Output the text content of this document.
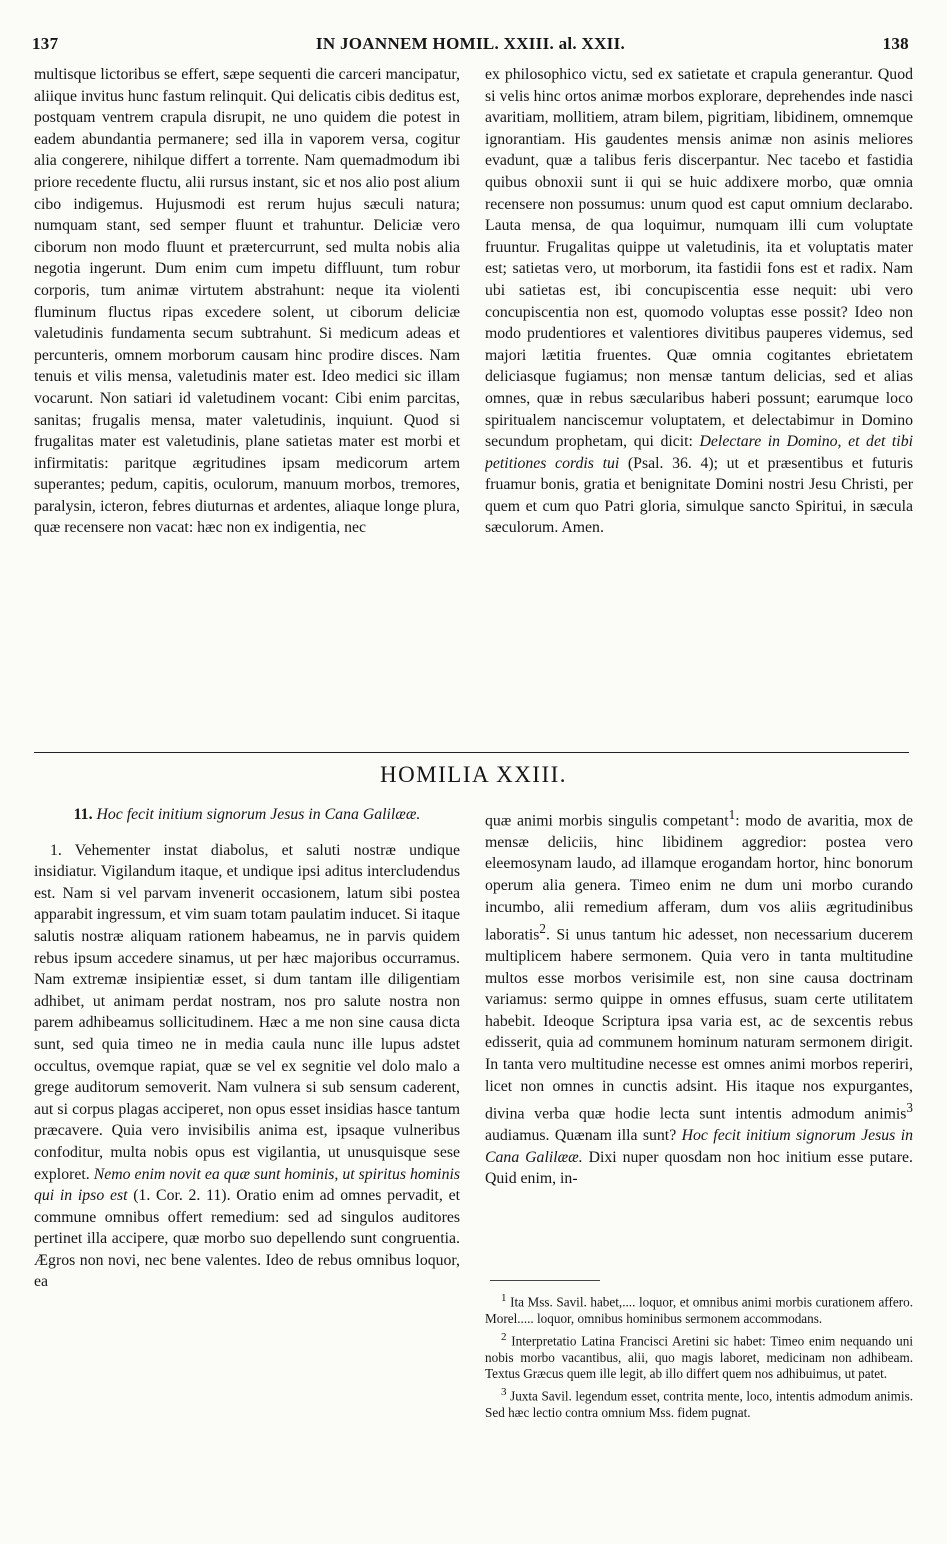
137	IN JOANNEM HOMIL. XXIII. al. XXII.	138

multisque lictoribus se effert, sæpe sequenti die carceri mancipatur, aliique invitus hunc fastum relinquit. Qui delicatis cibis deditus est, postquam ventrem crapula disrupit, ne uno quidem die potest in eadem abundantia permanere; sed illa in vaporem versa, cogitur alia congerere, nihilque differt a torrente. Nam quemadmodum ibi priore recedente fluctu, alii rursus instant, sic et nos alio post alium cibo indigemus. Hujusmodi est rerum hujus sæculi natura; numquam stant, sed semper fluunt et trahuntur. Deliciæ vero ciborum non modo fluunt et prætercurrunt, sed multa nobis alia negotia ingerunt. Dum enim cum impetu diffluunt, tum robur corporis, tum animæ virtutem abstrahunt: neque ita violenti fluminum fluctus ripas excedere solent, ut ciborum deliciæ valetudinis fundamenta secum subtrahunt. Si medicum adeas et percunteris, omnem morborum causam hinc prodire disces. Nam tenuis et vilis mensa, valetudinis mater est. Ideo medici sic illam vocarunt. Non satiari id valetudinem vocant: Cibi enim parcitas, sanitas; frugalis mensa, mater valetudinis, inquiunt. Quod si frugalitas mater est valetudinis, plane satietas mater est morbi et infirmitatis: paritque ægritudines ipsam medicorum artem superantes; pedum, capitis, oculorum, manuum morbos, tremores, paralysin, icteron, febres diuturnas et ardentes, aliaque longe plura, quæ recensere non vacat: hæc non ex indigentia, nec

ex philosophico victu, sed ex satietate et crapula generantur. Quod si velis hinc ortos animæ morbos explorare, deprehendes inde nasci avaritiam, mollitiem, atram bilem, pigritiam, libidinem, omnemque ignorantiam. His gaudentes mensis animæ non asinis meliores evadunt, quæ a talibus feris discerpantur. Nec tacebo et fastidia quibus obnoxii sunt ii qui se huic addixere morbo, quæ omnia recensere non possumus: unum quod est caput omnium declarabo. Lauta mensa, de qua loquimur, numquam illi cum voluptate fruuntur. Frugalitas quippe ut valetudinis, ita et voluptatis mater est; satietas vero, ut morborum, ita fastidii fons est et radix. Nam ubi satietas est, ibi concupiscentia esse nequit: ubi vero concupiscentia non est, quomodo voluptas esse possit? Ideo non modo prudentiores et valentiores divitibus pauperes videmus, sed majori lætitia fruentes. Quæ omnia cogitantes ebrietatem deliciasque fugiamus; non mensæ tantum delicias, sed et alias omnes, quæ in rebus sæcularibus haberi possunt; earumque loco spiritualem nanciscemur voluptatem, et delectabimur in Domino secundum prophetam, qui dicit: Delectare in Domino, et det tibi petitiones cordis tui (Psal. 36. 4); ut et præsentibus et futuris fruamur bonis, gratia et benignitate Domini nostri Jesu Christi, per quem et cum quo Patri gloria, simulque sancto Spiritui, in sæcula sæculorum. Amen.

HOMILIA XXIII.
11. Hoc fecit initium signorum Jesus in Cana Galilææ.

1. Vehementer instat diabolus, et saluti nostræ undique insidiatur. Vigilandum itaque, et undique ipsi aditus intercludendus est. Nam si vel parvam invenerit occasionem, latum sibi postea apparabit ingressum, et vim suam totam paulatim inducet. Si itaque salutis nostræ aliquam rationem habeamus, ne in parvis quidem rebus ipsum accedere sinamus, ut per hæc majoribus occurramus. Nam extremæ insipientiæ esset, si dum tantam ille diligentiam adhibet, ut animam perdat nostram, nos pro salute nostra non parem adhibeamus sollicitudinem. Hæc a me non sine causa dicta sunt, sed quia timeo ne in media caula nunc ille lupus adstet occultus, ovemque rapiat, quæ se vel ex segnitie vel dolo malo a grege auditorum semoverit. Nam vulnera si sub sensum caderent, aut si corpus plagas acciperet, non opus esset insidias hasce tantum præcavere. Quia vero invisibilis anima est, ipsaque vulneribus confoditur, multa nobis opus est vigilantia, ut unusquisque sese exploret. Nemo enim novit ea quæ sunt hominis, ut spiritus hominis qui in ipso est (1. Cor. 2. 11). Oratio enim ad omnes pervadit, et commune omnibus offert remedium: sed ad singulos auditores pertinet illa accipere, quæ morbo suo depellendo sunt congruentia. Ægros non novi, nec bene valentes. Ideo de rebus omnibus loquor, ea

quæ animi morbis singulis competant$^1$: modo de avaritia, mox de mensæ deliciis, hinc libidinem aggredior: postea vero eleemosynam laudo, ad illamque erogandam hortor, hinc bonorum operum alia genera. Timeo enim ne dum uni morbo curando incumbo, alii remedium afferam, dum vos aliis ægritudinibus laboratis$^2$. Si unus tantum hic adesset, non necessarium ducerem multiplicem habere sermonem. Quia vero in tanta multitudine multos esse morbos verisimile est, non sine causa doctrinam variamus: sermo quippe in omnes effusus, suam certe utilitatem habebit. Ideoque Scriptura ipsa varia est, ac de sexcentis rebus edisserit, quia ad communem hominum naturam sermonem dirigit. In tanta vero multitudine necesse est omnes animi morbos reperiri, licet non omnes in cunctis adsint. His itaque nos expurgantes, divina verba quæ hodie lecta sunt intentis admodum animis$^3$ audiamus. Quænam illa sunt? Hoc fecit initium signorum Jesus in Cana Galilææ. Dixi nuper quosdam non hoc initium esse putare. Quid enim, in-

$^1$ Ita Mss. Savil. habet,.... loquor, et omnibus animi morbis curationem affero. Morel..... loquor, omnibus hominibus sermonem accommodans.

$^2$ Interpretatio Latina Francisci Aretini sic habet: Timeo enim nequando uni nobis morbo vacantibus, alii, quo magis laboret, medicinam non adhibeam. Textus Græcus quem ille legit, ab illo differt quem nos adhibuimus, ut patet.

$^3$ Juxta Savil. legendum esset, contrita mente, loco, intentis admodum animis. Sed hæc lectio contra omnium Mss. fidem pugnat.
